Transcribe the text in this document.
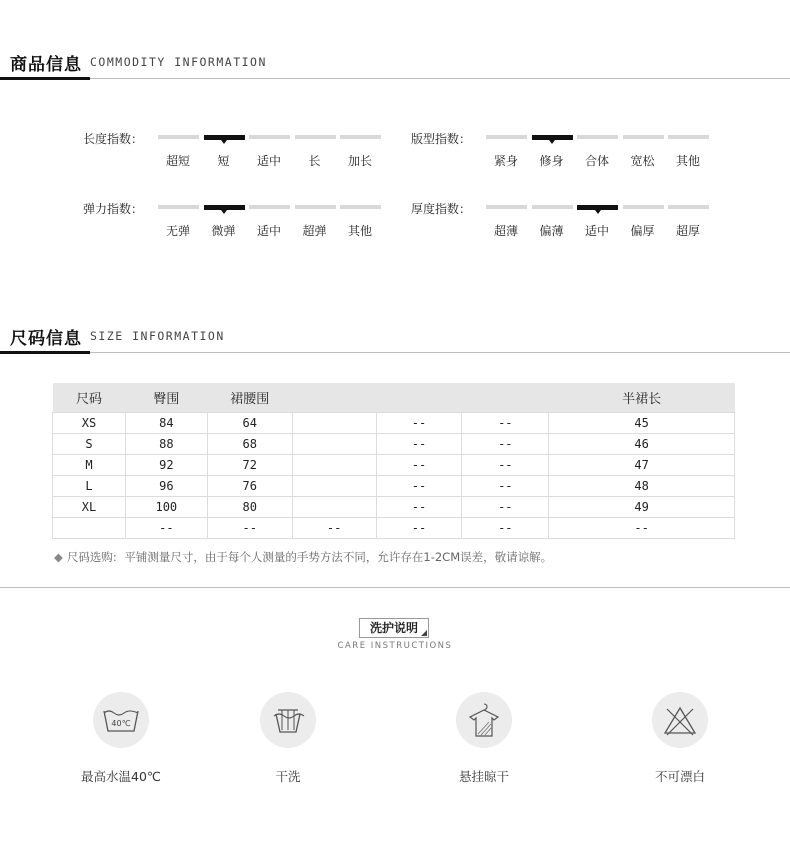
商品信息 COMMODITY INFORMATION
长度指数：
超短	短	适中	长	加长
版型指数：
紧身	修身	合体	宽松	其他
弹力指数：
无弹	微弹	适中	超弹	其他
厚度指数：
超薄	偏薄	适中	偏厚	超厚
尺码信息 SIZE INFORMATION
尺码	臀围	裙腰围				半裙长
XS	84	64		--	--	45
S	88	68		--	--	46
M	92	72		--	--	47
L	96	76		--	--	48
XL	100	80		--	--	49
	--	--	--	--	--	--
◆ 尺码选购: 平铺测量尺寸，由于每个人测量的手势方法不同，允许存在1-2CM误差，敬请谅解。
洗护说明
CARE INSTRUCTIONS
40℃
最高水温40℃	干洗	悬挂晾干	不可漂白
